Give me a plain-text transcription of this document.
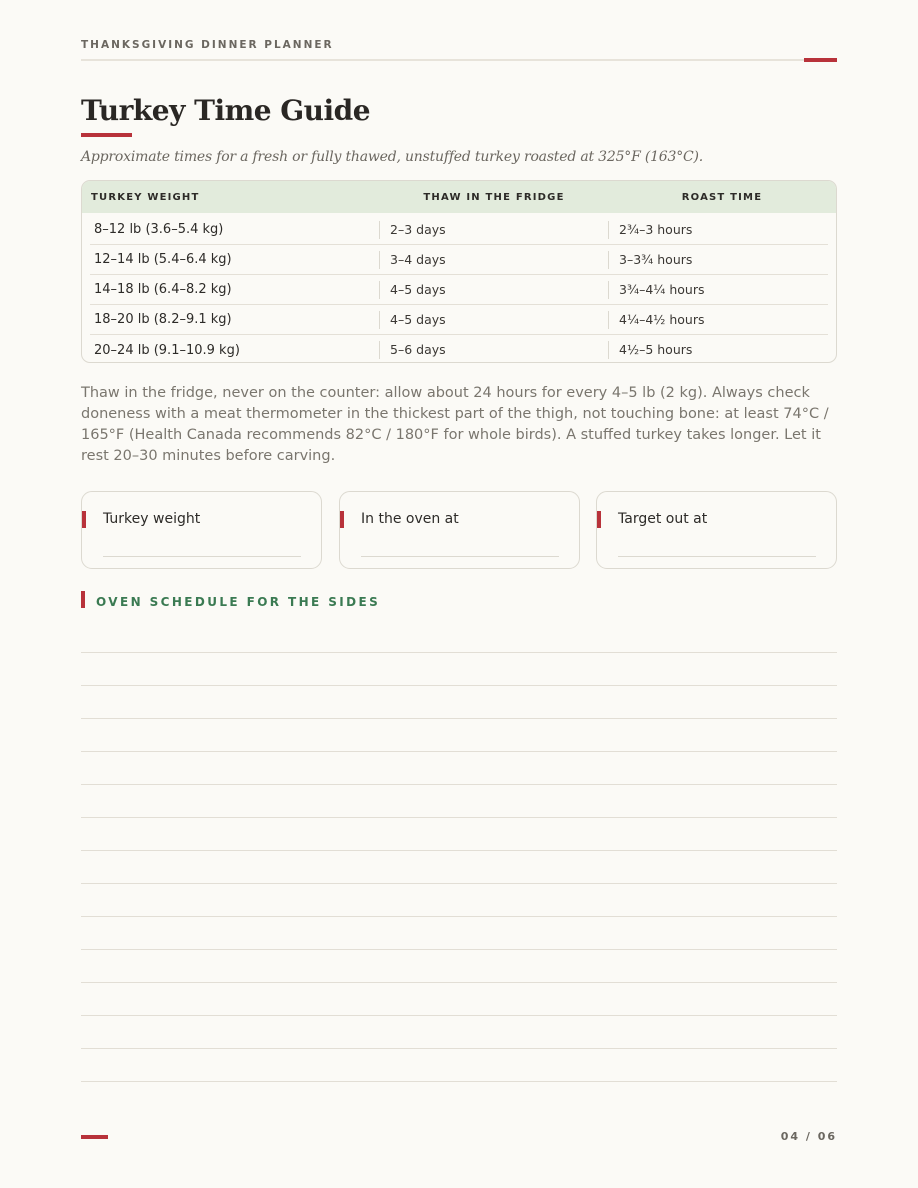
THANKSGIVING DINNER PLANNER
Turkey Time Guide

Approximate times for a fresh or fully thawed, unstuffed turkey roasted at 325°F (163°C).

TURKEY WEIGHT	THAW IN THE FRIDGE	ROAST TIME
8–12 lb (3.6–5.4 kg)	2–3 days	2¾–3 hours
12–14 lb (5.4–6.4 kg)	3–4 days	3–3¾ hours
14–18 lb (6.4–8.2 kg)	4–5 days	3¾–4¼ hours
18–20 lb (8.2–9.1 kg)	4–5 days	4¼–4½ hours
20–24 lb (9.1–10.9 kg)	5–6 days	4½–5 hours

Thaw in the fridge, never on the counter: allow about 24 hours for every 4–5 lb (2 kg). Always check doneness with a meat thermometer in the thickest part of the thigh, not touching bone: at least 74°C / 165°F (Health Canada recommends 82°C / 180°F for whole birds). A stuffed turkey takes longer. Let it rest 20–30 minutes before carving.

Turkey weight	In the oven at	Target out at
OVEN SCHEDULE FOR THE SIDES
04 / 06
